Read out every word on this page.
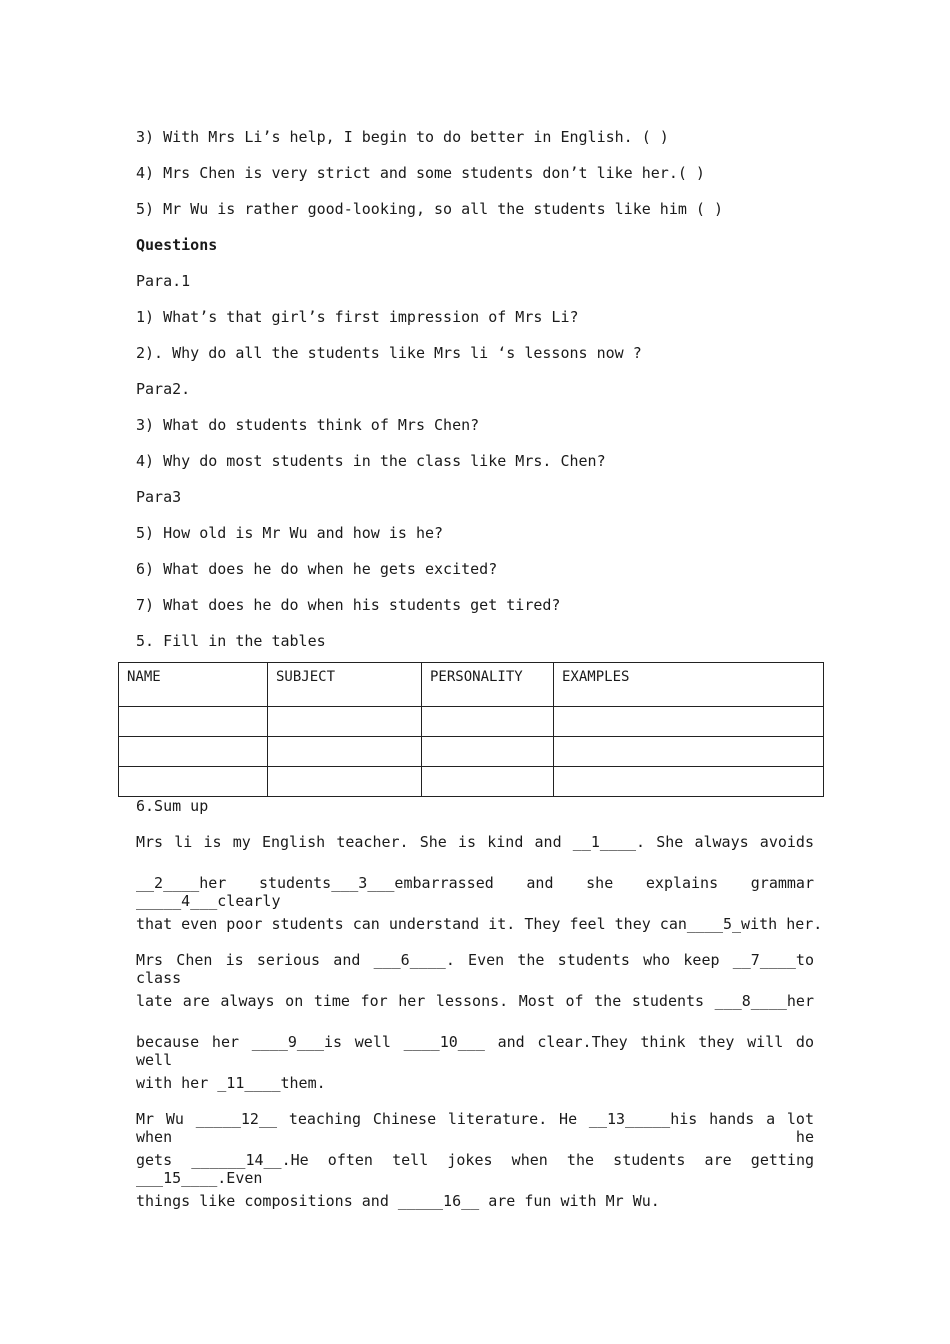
3) With Mrs Li’s help, I begin to do better in English. ( )
4) Mrs Chen is very strict and some students don’t like her.( )
5) Mr Wu is rather good-looking, so all the students like him ( )
Questions
Para.1
1) What’s that girl’s first impression of Mrs Li?
2). Why do all the students like Mrs li ‘s lessons now ?
Para2.
3) What do students think of Mrs Chen?
4) Why do most students in the class like Mrs. Chen?
Para3
5) How old is Mr Wu and how is he?
6) What does he do when he gets excited?
7) What does he do when his students get tired?
5. Fill in the tables
NAME	SUBJECT	PERSONALITY	EXAMPLES

6.Sum up
Mrs li is my English teacher. She is kind and __1____. She always avoids
__2____her students___3___embarrassed and she explains grammar _____4___clearly
that even poor students can understand it. They feel they can____5_with her.
Mrs Chen is serious and ___6____. Even the students who keep __7____to class
late are always on time for her lessons. Most of the students ___8____her
because her ____9___is well ____10___ and clear.They think they will do well
with her _11____them.
Mr Wu _____12__ teaching Chinese literature. He __13_____his hands a lot when he
gets ______14__.He often tell jokes when the students are getting ___15____.Even
things like compositions and _____16__ are fun with Mr Wu.
